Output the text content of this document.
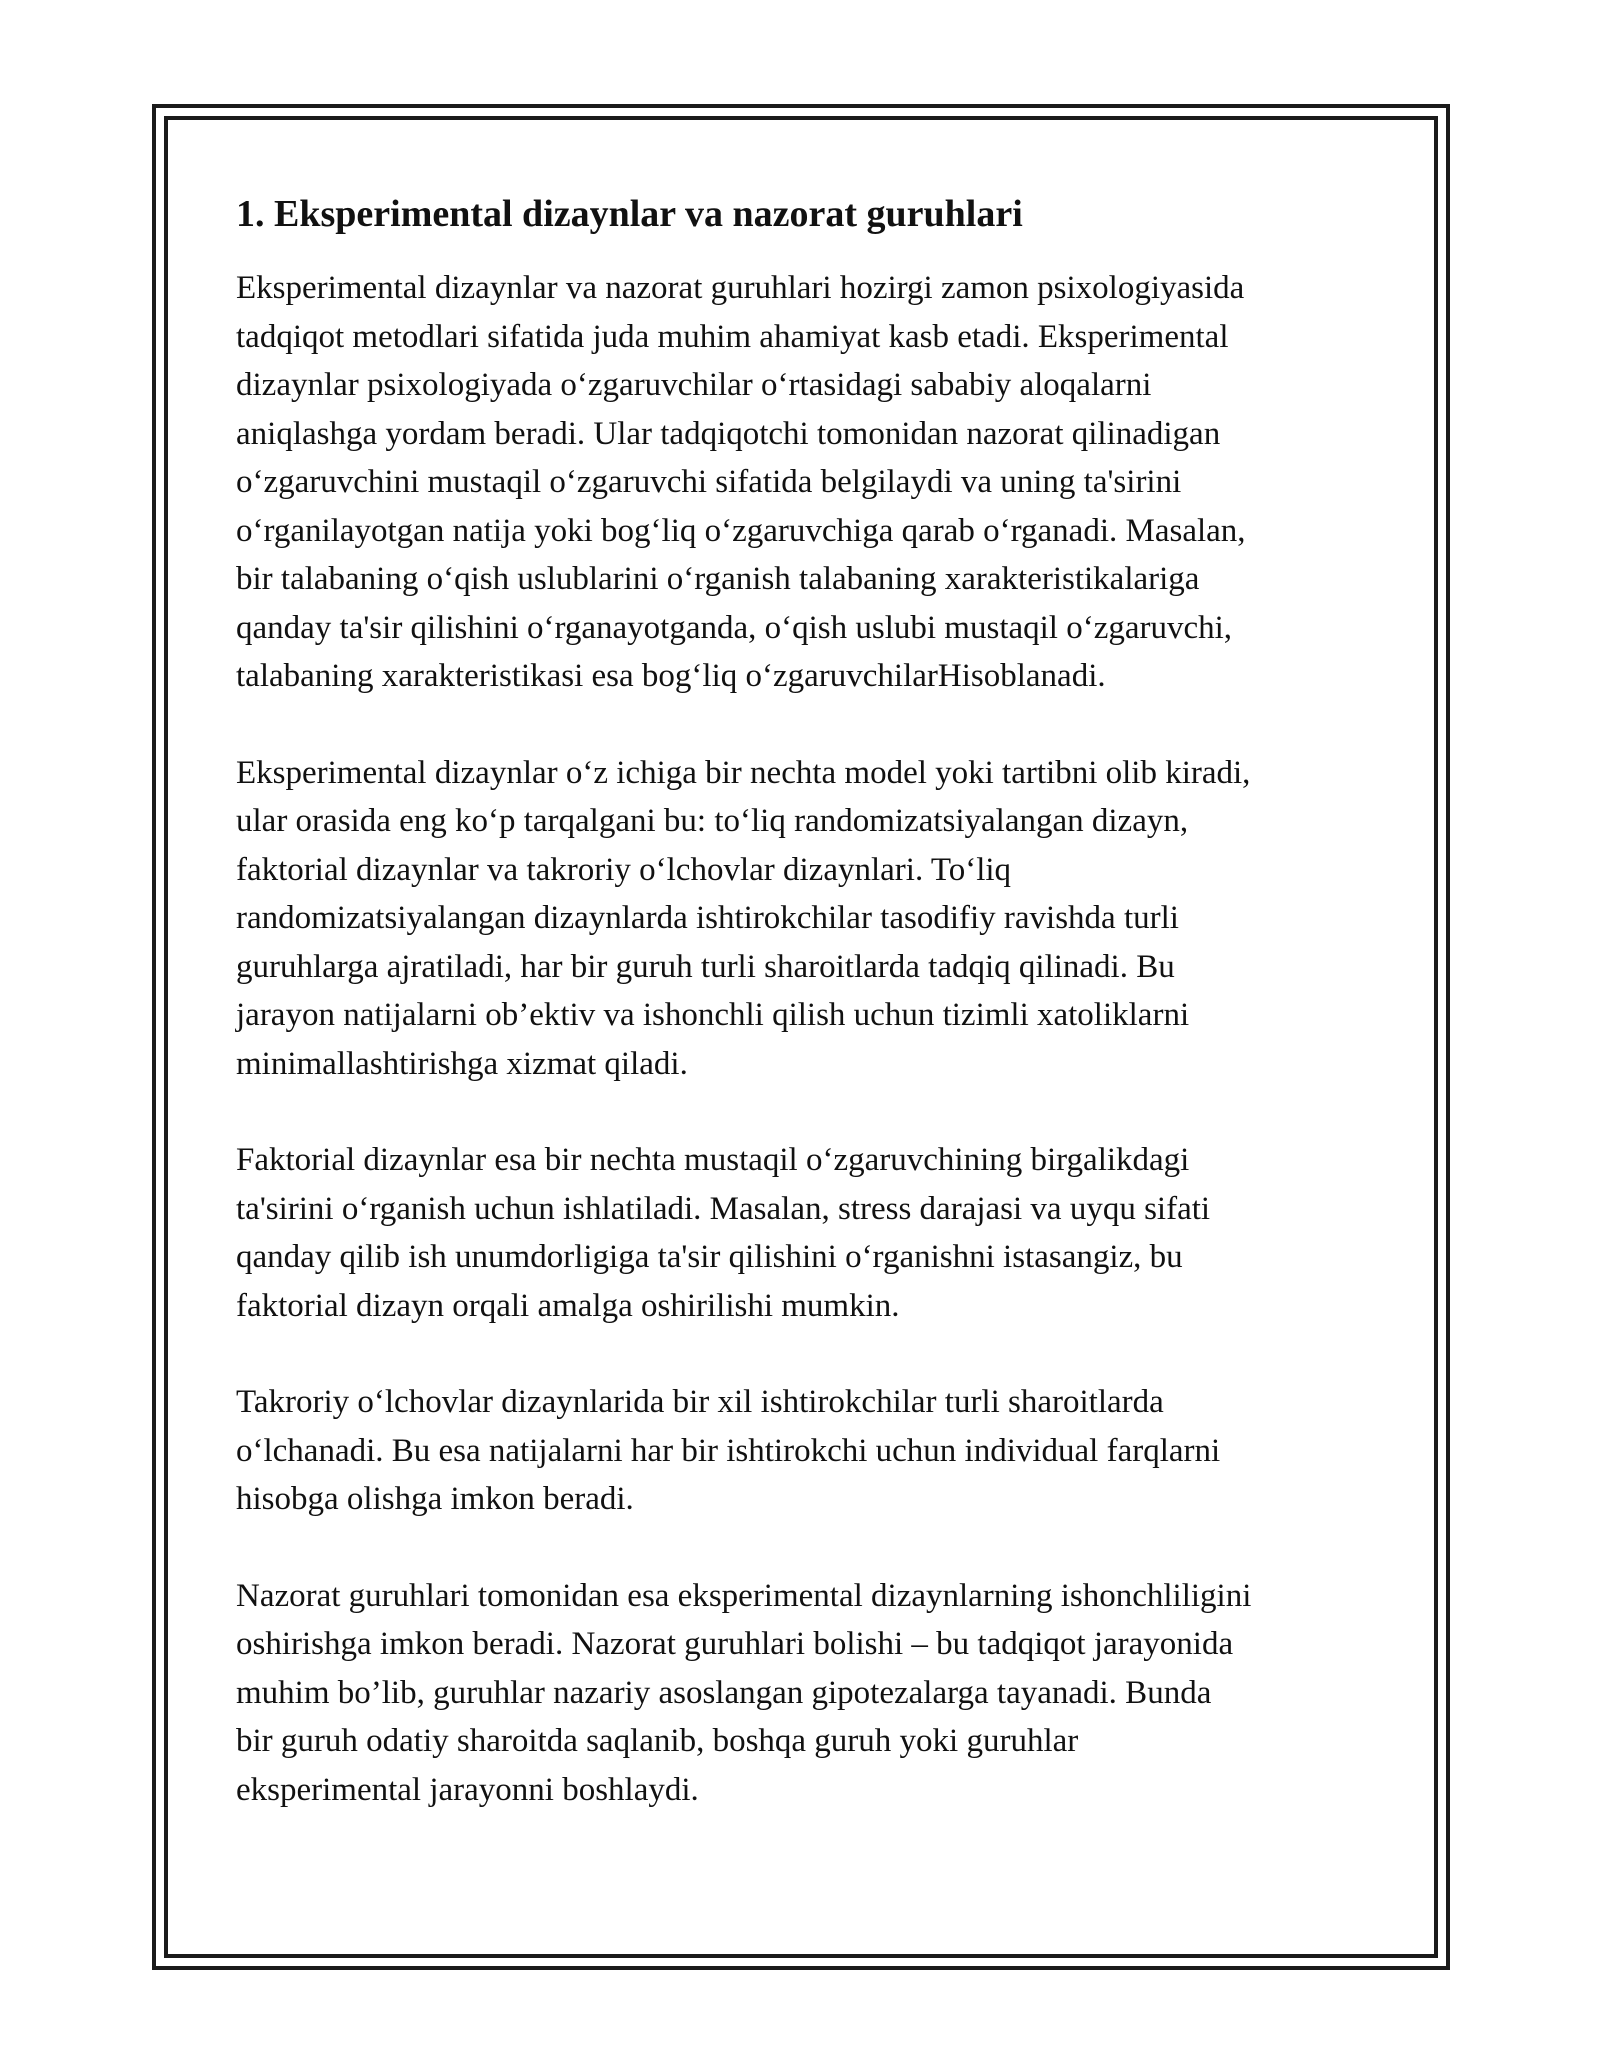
1. Eksperimental dizaynlar va nazorat guruhlari

Eksperimental dizaynlar va nazorat guruhlari hozirgi zamon psixologiyasida
tadqiqot metodlari sifatida juda muhim ahamiyat kasb etadi. Eksperimental
dizaynlar psixologiyada o‘zgaruvchilar o‘rtasidagi sababiy aloqalarni
aniqlashga yordam beradi. Ular tadqiqotchi tomonidan nazorat qilinadigan
o‘zgaruvchini mustaqil o‘zgaruvchi sifatida belgilaydi va uning ta'sirini
o‘rganilayotgan natija yoki bog‘liq o‘zgaruvchiga qarab o‘rganadi. Masalan,
bir talabaning o‘qish uslublarini o‘rganish talabaning xarakteristikalariga
qanday ta'sir qilishini o‘rganayotganda, o‘qish uslubi mustaqil o‘zgaruvchi,
talabaning xarakteristikasi esa bog‘liq o‘zgaruvchilarHisoblanadi.

Eksperimental dizaynlar o‘z ichiga bir nechta model yoki tartibni olib kiradi,
ular orasida eng ko‘p tarqalgani bu: to‘liq randomizatsiyalangan dizayn,
faktorial dizaynlar va takroriy o‘lchovlar dizaynlari. To‘liq
randomizatsiyalangan dizaynlarda ishtirokchilar tasodifiy ravishda turli
guruhlarga ajratiladi, har bir guruh turli sharoitlarda tadqiq qilinadi. Bu
jarayon natijalarni ob’ektiv va ishonchli qilish uchun tizimli xatoliklarni
minimallashtirishga xizmat qiladi.

Faktorial dizaynlar esa bir nechta mustaqil o‘zgaruvchining birgalikdagi
ta'sirini o‘rganish uchun ishlatiladi. Masalan, stress darajasi va uyqu sifati
qanday qilib ish unumdorligiga ta'sir qilishini o‘rganishni istasangiz, bu
faktorial dizayn orqali amalga oshirilishi mumkin.

Takroriy o‘lchovlar dizaynlarida bir xil ishtirokchilar turli sharoitlarda
o‘lchanadi. Bu esa natijalarni har bir ishtirokchi uchun individual farqlarni
hisobga olishga imkon beradi.

Nazorat guruhlari tomonidan esa eksperimental dizaynlarning ishonchliligini
oshirishga imkon beradi. Nazorat guruhlari bolishi – bu tadqiqot jarayonida
muhim bo’lib, guruhlar nazariy asoslangan gipotezalarga tayanadi. Bunda
bir guruh odatiy sharoitda saqlanib, boshqa guruh yoki guruhlar
eksperimental jarayonni boshlaydi.
